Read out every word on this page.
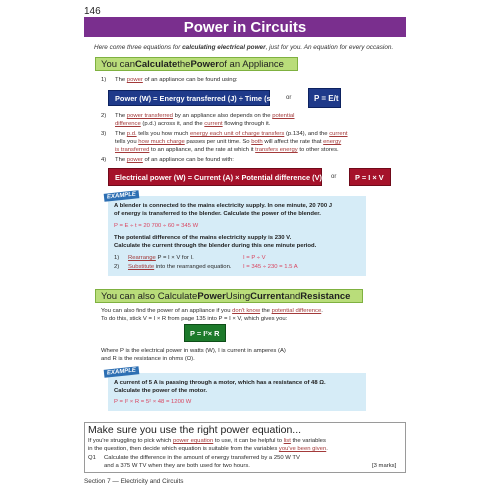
146
Power in Circuits
Here come three equations for calculating electrical power, just for you. An equation for every occasion.
You can Calculate the Power of an Appliance
1) The power of an appliance can be found using:
Power (W) = Energy transferred (J) ÷ Time (s) or	P = E/t
2) The power transferred by an appliance also depends on the potential
difference (p.d.) across it, and the current flowing through it.
3) The p.d. tells you how much energy each unit of charge transfers (p.134), and the current
tells you how much charge passes per unit time. So both will affect the rate that energy
is transferred to an appliance, and the rate at which it transfers energy to other stores.
4) The power of an appliance can be found with:
Electrical power (W) = Current (A) × Potential difference (V) or	P = I × V
EXAMPLE
A blender is connected to the mains electricity supply. In one minute, 20 700 J
of energy is transferred to the blender. Calculate the power of the blender.
P = E ÷ t = 20 700 ÷ 60 = 345 W
The potential difference of the mains electricity supply is 230 V.
Calculate the current through the blender during this one minute period.
1) Rearrange P = I × V for I.	I = P ÷ V
2) Substitute into the rearranged equation. I = 345 ÷ 230 = 1.5 A
You can also Calculate Power Using Current and Resistance
You can also find the power of an appliance if you don't know the potential difference.
To do this, stick V = I × R from page 135 into P = I × V, which gives you:
P = I²× R
Where P is the electrical power in watts (W), I is current in amperes (A)
and R is the resistance in ohms (Ω).
EXAMPLE
A current of 5 A is passing through a motor, which has a resistance of 48 Ω.
Calculate the power of the motor.
P = I² × R = 5² × 48 = 1200 W
Make sure you use the right power equation...
If you're struggling to pick which power equation to use, it can be helpful to list the variables
in the question, then decide which equation is suitable from the variables you've been given.
Q1 Calculate the difference in the amount of energy transferred by a 250 W TV
and a 375 W TV when they are both used for two hours.	[3 marks]
Section 7 — Electricity and Circuits
